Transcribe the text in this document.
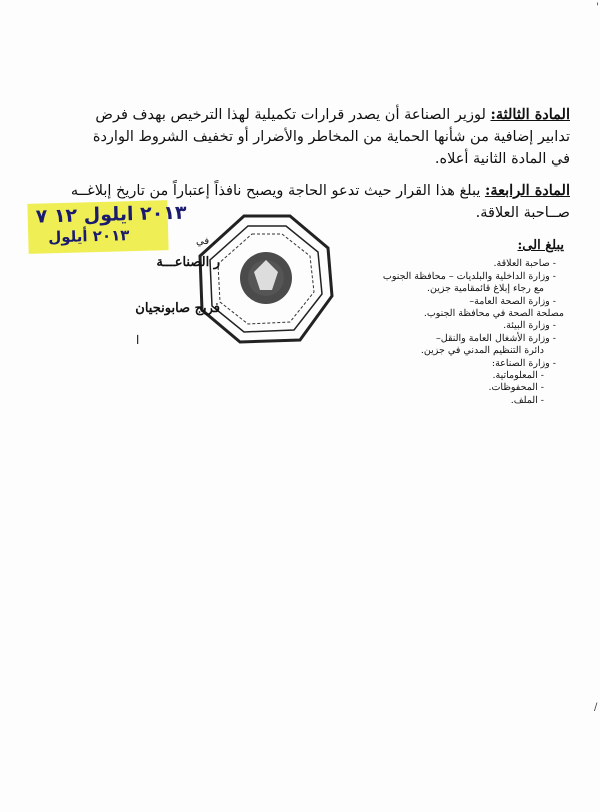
المادة الثالثة: لوزير الصناعة أن يصدر قرارات تكميلية لهذا الترخيص بهدف فرض تدابير إضافية من شأنها الحماية من المخاطر والأضرار أو تخفيف الشروط الواردة في المادة الثانية أعلاه.
المادة الرابعة: يبلغ هذا القرار حيث تدعو الحاجة ويصبح نافذاً إعتباراً من تاريخ إبلاغــه صــاحبة العلاقة.
يبلغ الى:
- صاحبة العلاقة.
- وزارة الداخلية والبلديات – محافظة الجنوب
مع رجاء إبلاغ قائمقامية جزين.
- وزارة الصحة العامة–
مصلحة الصحة في محافظة الجنوب.
- وزارة البيئة.
- وزارة الأشغال العامة والنقل–
دائرة التنظيم المدني في جزين.
- وزارة الصناعة:
- المعلوماتية.
- المحفوظات.
- الملف.
، في
ر الصناعـــة
فريج صابونجيان
ا
٢٠١٣ ايلول ١٢ ٧
٢٠١٣ أيلول
/
'
